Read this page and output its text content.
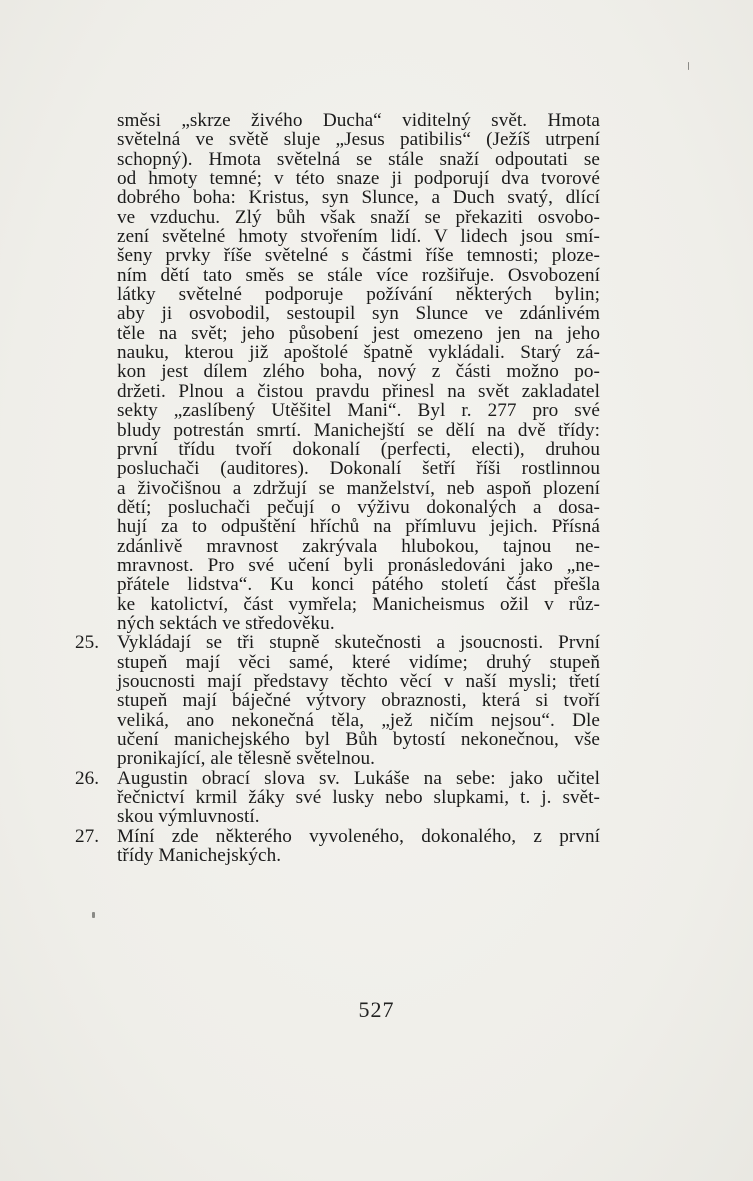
směsi „skrze živého Ducha“ viditelný svět. Hmota
světelná ve světě sluje „Jesus patibilis“ (Ježíš utrpení
schopný). Hmota světelná se stále snaží odpoutati se
od hmoty temné; v této snaze ji podporují dva tvorové
dobrého boha: Kristus, syn Slunce, a Duch svatý, dlící
ve vzduchu. Zlý bůh však snaží se překaziti osvobo-
zení světelné hmoty stvořením lidí. V lidech jsou smí-
šeny prvky říše světelné s částmi říše temnosti; ploze-
ním dětí tato směs se stále více rozšiřuje. Osvobození
látky světelné podporuje požívání některých bylin;
aby ji osvobodil, sestoupil syn Slunce ve zdánlivém
těle na svět; jeho působení jest omezeno jen na jeho
nauku, kterou již apoštolé špatně vykládali. Starý zá-
kon jest dílem zlého boha, nový z části možno po-
držeti. Plnou a čistou pravdu přinesl na svět zakladatel
sekty „zaslíbený Utěšitel Mani“. Byl r. 277 pro své
bludy potrestán smrtí. Manichejští se dělí na dvě třídy:
první třídu tvoří dokonalí (perfecti, electi), druhou
posluchači (auditores). Dokonalí šetří říši rostlinnou
a živočišnou a zdržují se manželství, neb aspoň plození
dětí; posluchači pečují o výživu dokonalých a dosa-
hují za to odpuštění hříchů na přímluvu jejich. Přísná
zdánlivě mravnost zakrývala hlubokou, tajnou ne-
mravnost. Pro své učení byli pronásledováni jako „ne-
přátele lidstva“. Ku konci pátého století část přešla
ke katolictví, část vymřela; Manicheismus ožil v růz-
ných sektách ve středověku.
25. Vykládají se tři stupně skutečnosti a jsoucnosti. První
stupeň mají věci samé, které vidíme; druhý stupeň
jsoucnosti mají představy těchto věcí v naší mysli; třetí
stupeň mají báječné výtvory obraznosti, která si tvoří
veliká, ano nekonečná těla, „jež ničím nejsou“. Dle
učení manichejského byl Bůh bytostí nekonečnou, vše
pronikající, ale tělesně světelnou.
26. Augustin obrací slova sv. Lukáše na sebe: jako učitel
řečnictví krmil žáky své lusky nebo slupkami, t. j. svět-
skou výmluvností.
27. Míní zde některého vyvoleného, dokonalého, z první
třídy Manichejských.
527
